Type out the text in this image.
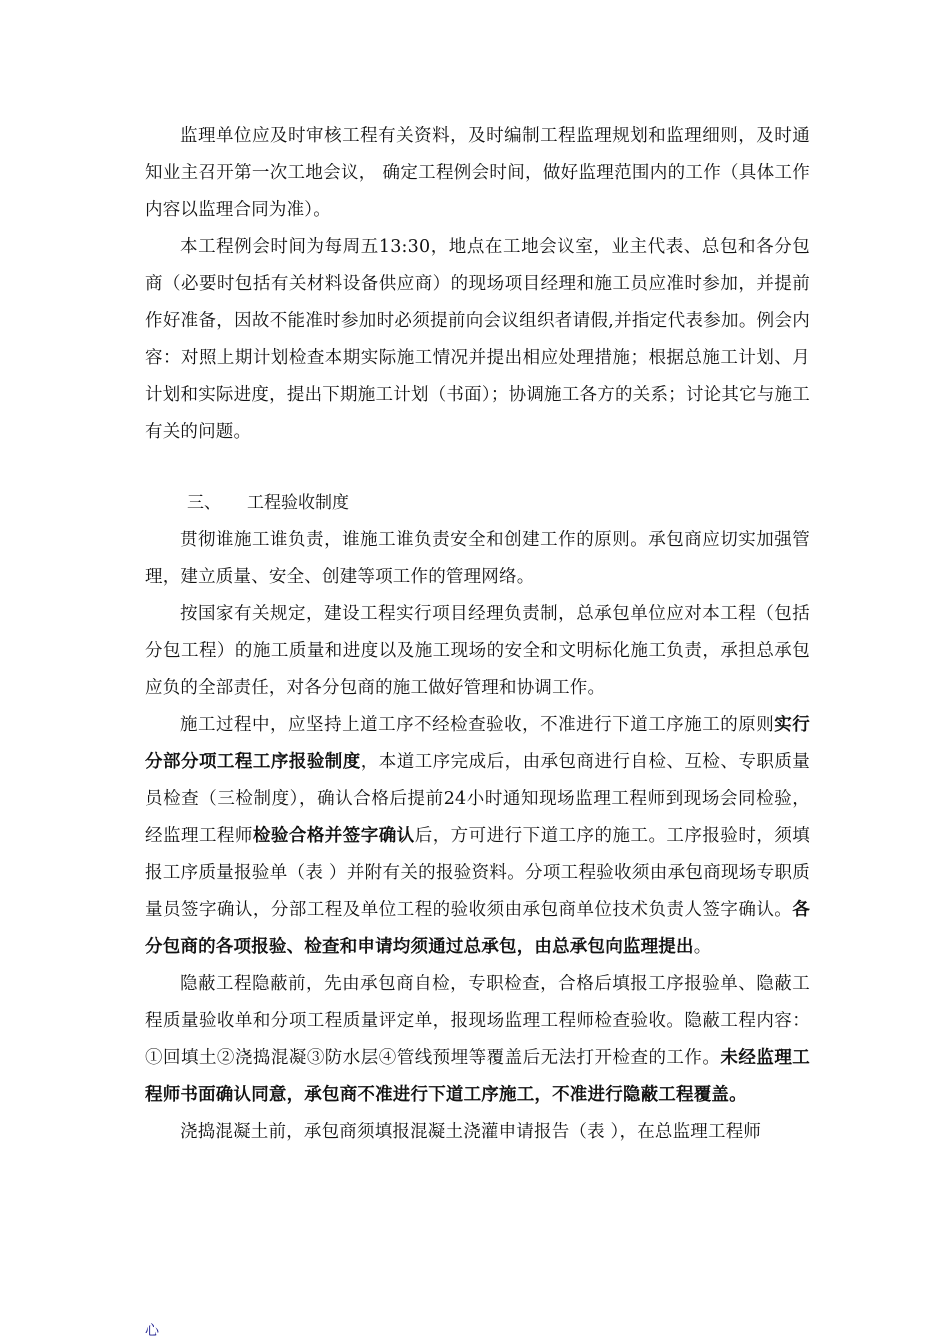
监理单位应及时审核工程有关资料，及时编制工程监理规划和监理细则，及时通知业主召开第一次工地会议， 确定工程例会时间，做好监理范围内的工作（具体工作内容以监理合同为准）。

本工程例会时间为每周五13:30，地点在工地会议室，业主代表、总包和各分包商（必要时包括有关材料设备供应商）的现场项目经理和施工员应准时参加，并提前作好准备，因故不能准时参加时必须提前向会议组织者请假,并指定代表参加。例会内容：对照上期计划检查本期实际施工情况并提出相应处理措施；根据总施工计划、月计划和实际进度，提出下期施工计划（书面）；协调施工各方的关系；讨论其它与施工有关的问题。

三、 工程验收制度

贯彻谁施工谁负责，谁施工谁负责安全和创建工作的原则。承包商应切实加强管理，建立质量、安全、创建等项工作的管理网络。

按国家有关规定，建设工程实行项目经理负责制，总承包单位应对本工程（包括分包工程）的施工质量和进度以及施工现场的安全和文明标化施工负责，承担总承包应负的全部责任，对各分包商的施工做好管理和协调工作。

施工过程中，应坚持上道工序不经检查验收，不准进行下道工序施工的原则实行分部分项工程工序报验制度，本道工序完成后，由承包商进行自检、互检、专职质量员检查（三检制度），确认合格后提前24小时通知现场监理工程师到现场会同检验，经监理工程师检验合格并签字确认后，方可进行下道工序的施工。工序报验时，须填报工序质量报验单（表 ）并附有关的报验资料。分项工程验收须由承包商现场专职质量员签字确认，分部工程及单位工程的验收须由承包商单位技术负责人签字确认。各分包商的各项报验、检查和申请均须通过总承包，由总承包向监理提出。

隐蔽工程隐蔽前，先由承包商自检，专职检查，合格后填报工序报验单、隐蔽工程质量验收单和分项工程质量评定单，报现场监理工程师检查验收。隐蔽工程内容：①回填土②浇捣混凝③防水层④管线预埋等覆盖后无法打开检查的工作。未经监理工程师书面确认同意，承包商不准进行下道工序施工，不准进行隐蔽工程覆盖。

浇捣混凝土前，承包商须填报混凝土浇灌申请报告（表 ），在总监理工程师

心
